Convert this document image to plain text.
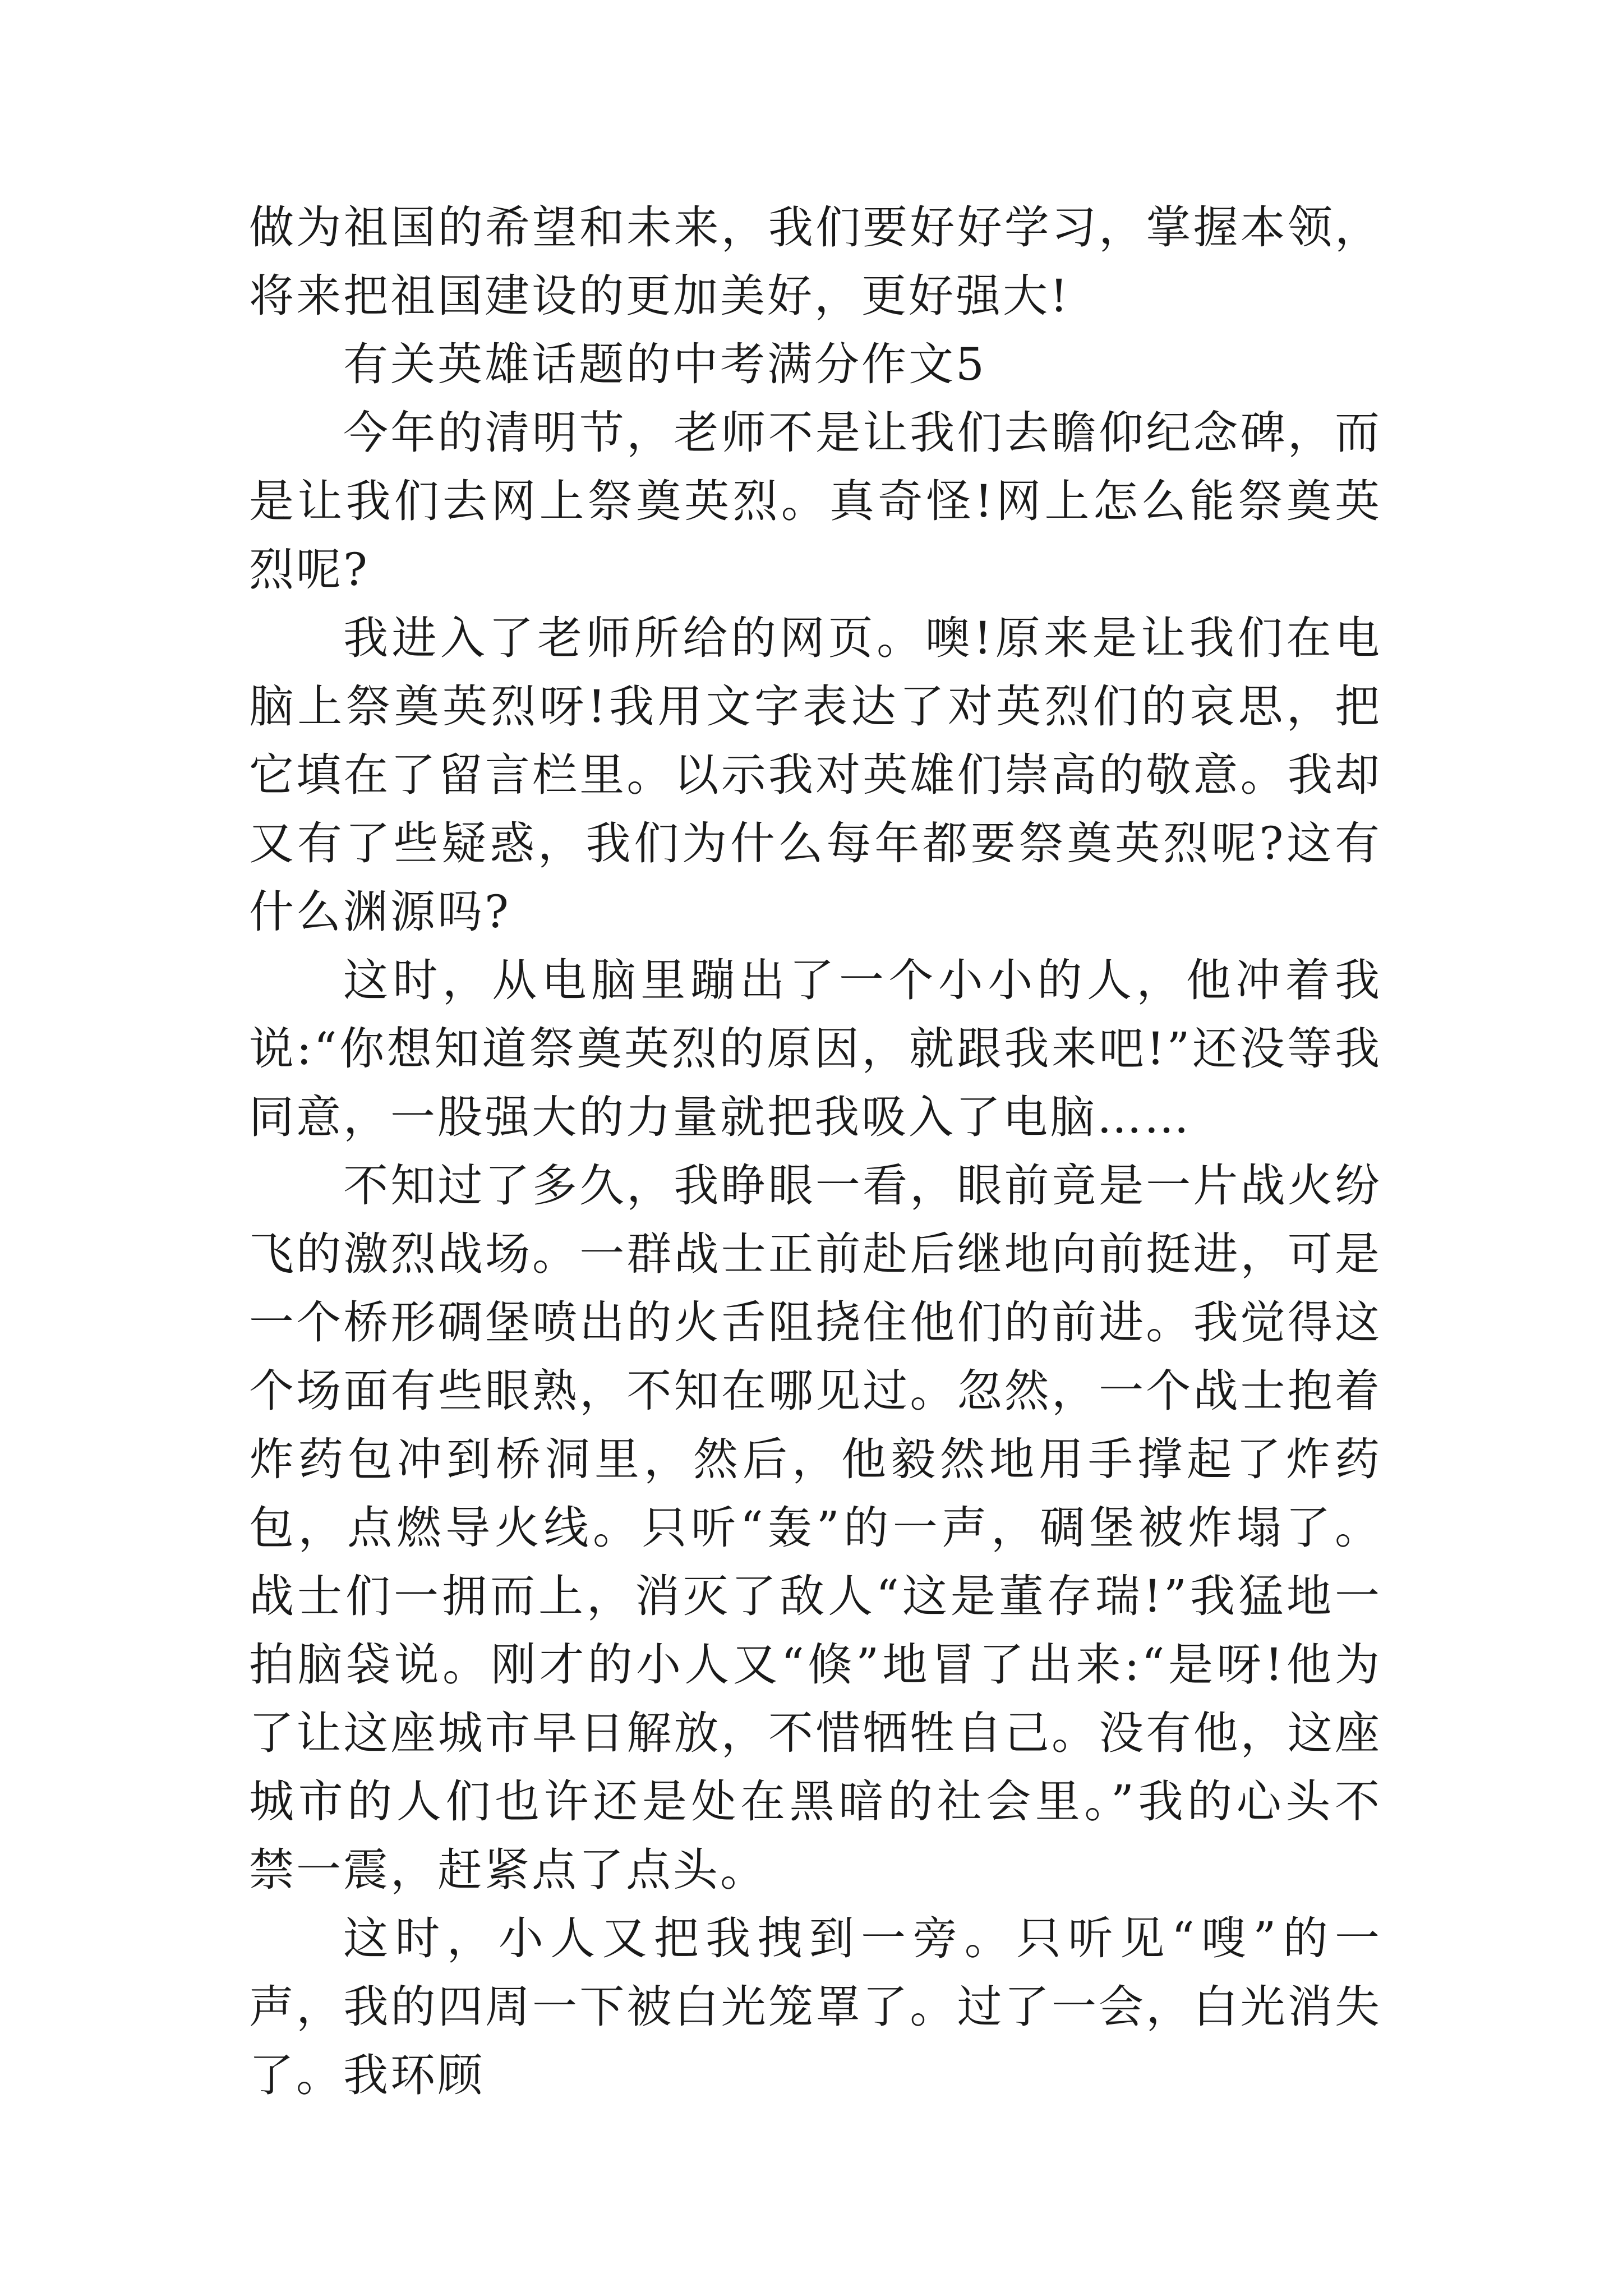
做为祖国的希望和未来，我们要好好学习，掌握本领，将来把祖国建设的更加美好，更好强大!

有关英雄话题的中考满分作文5

今年的清明节，老师不是让我们去瞻仰纪念碑，而是让我们去网上祭奠英烈。真奇怪!网上怎么能祭奠英烈呢?

我进入了老师所给的网页。噢!原来是让我们在电脑上祭奠英烈呀!我用文字表达了对英烈们的哀思，把它填在了留言栏里。以示我对英雄们崇高的敬意。我却又有了些疑惑，我们为什么每年都要祭奠英烈呢?这有什么渊源吗?

这时，从电脑里蹦出了一个小小的人，他冲着我说:“你想知道祭奠英烈的原因，就跟我来吧!”还没等我同意，一股强大的力量就把我吸入了电脑……

不知过了多久，我睁眼一看，眼前竟是一片战火纷飞的激烈战场。一群战士正前赴后继地向前挺进，可是一个桥形碉堡喷出的火舌阻挠住他们的前进。我觉得这个场面有些眼熟，不知在哪见过。忽然，一个战士抱着炸药包冲到桥洞里，然后，他毅然地用手撑起了炸药包，点燃导火线。只听“轰”的一声，碉堡被炸塌了。战士们一拥而上，消灭了敌人“这是董存瑞!”我猛地一拍脑袋说。刚才的小人又“倏”地冒了出来:“是呀!他为了让这座城市早日解放，不惜牺牲自己。没有他，这座城市的人们也许还是处在黑暗的社会里。”我的心头不禁一震，赶紧点了点头。

这时，小人又把我拽到一旁。只听见“嗖”的一声，我的四周一下被白光笼罩了。过了一会，白光消失了。我环顾
